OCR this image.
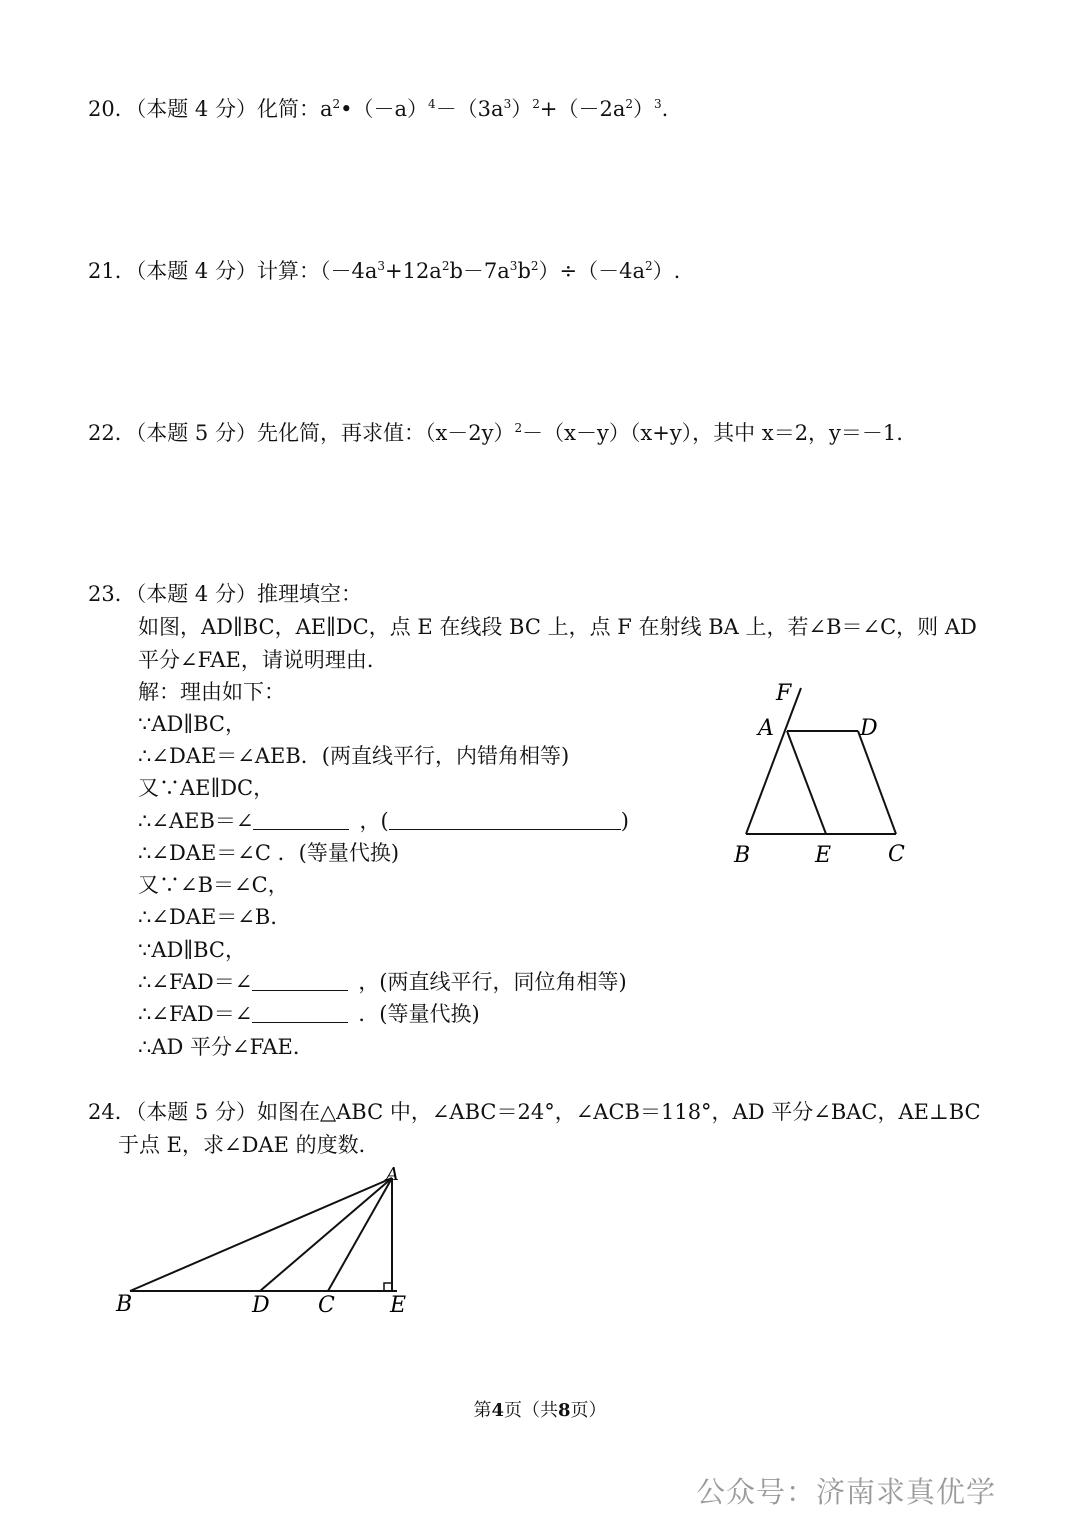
20．（本题 4 分）化简：$a^2•(-a)^4-(3a^3)^2+(-2a^2)^3$.
21．（本题 4 分）计算：$(-4a^3+12a^2b-7a^3b^2)\div(-4a^2)$.
22．（本题 5 分）先化简，再求值：$(x-2y)^2-(x-y)(x+y)$，其中 x＝2，y＝－1.
23．（本题 4 分）推理填空：
如图，AD∥BC，AE∥DC，点 E 在线段 BC 上，点 F 在射线 BA 上，若∠B＝∠C，则 AD
平分∠FAE，请说明理由．
解：理由如下：
∵AD∥BC，
∴∠DAE＝∠AEB．(两直线平行，内错角相等)
又∵AE∥DC，
∴∠AEB＝∠	，(	)
∴∠DAE＝∠C ．(等量代换)
又∵∠B＝∠C，
∴∠DAE＝∠B．
∵AD∥BC，
∴∠FAD＝∠	，(两直线平行，同位角相等)
∴∠FAD＝∠	．(等量代换)
∴AD 平分∠FAE．
F
A	D
B	E	C
24．（本题 5 分）如图在△ABC 中，∠ABC＝24°，∠ACB＝118°，AD 平分∠BAC，AE⊥BC
于点 E，求∠DAE 的度数．
A
B	D C	E
第4页（共8页）
公众号：济南求真优学
